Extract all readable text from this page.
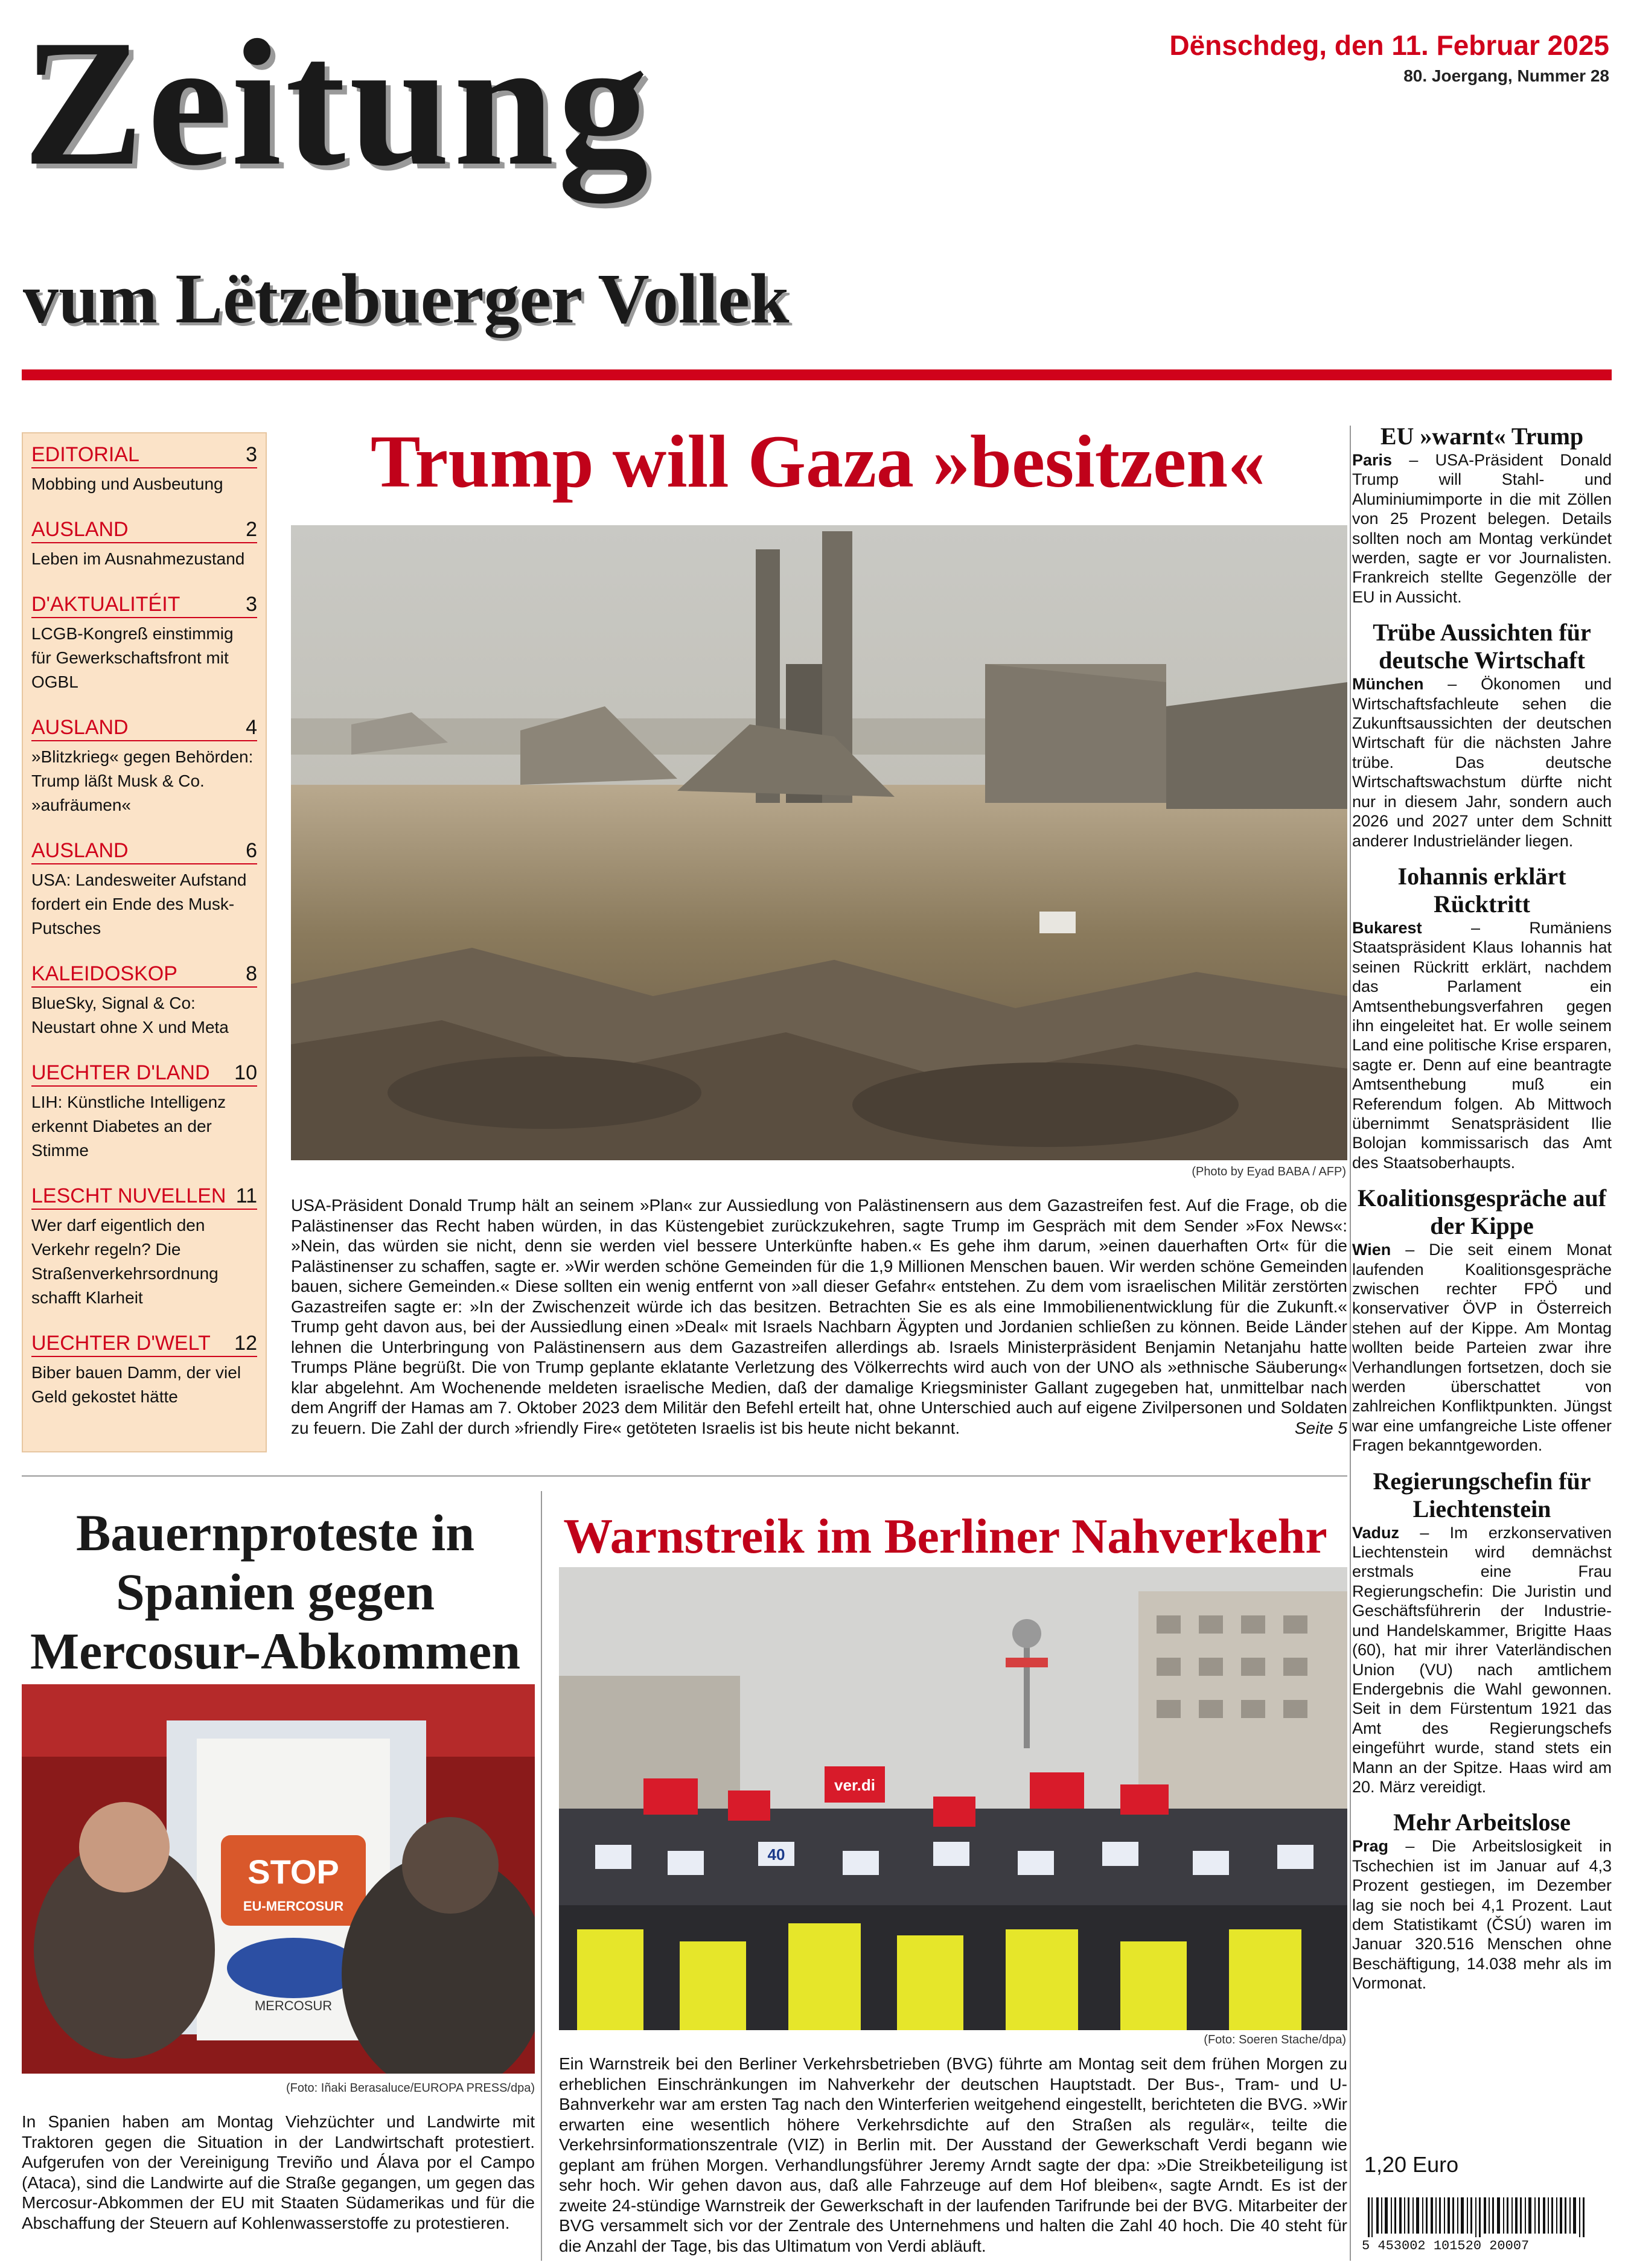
Zeitung
vum Lëtzebuerger Vollek
Dënschdeg, den 11. Februar 2025
80. Joergang, Nummer 28
EDITORIAL	3
Mobbing und Ausbeutung
AUSLAND	2
Leben im Ausnahmezustand
D'AKTUALITÉIT	3
LCGB-Kongreß einstimmig für Gewerkschaftsfront mit OGBL
AUSLAND	4
»Blitzkrieg« gegen Behörden: Trump läßt Musk & Co. »aufräumen«
AUSLAND	6
USA: Landesweiter Aufstand fordert ein Ende des Musk-Putsches
KALEIDOSKOP	8
BlueSky, Signal & Co: Neustart ohne X und Meta
UECHTER D'LAND 10
LIH: Künstliche Intelligenz erkennt Diabetes an der Stimme
LESCHT NUVELLEN 11
Wer darf eigentlich den Verkehr regeln? Die Straßenverkehrsordnung schafft Klarheit
UECHTER D'WELT 12
Biber bauen Damm, der viel Geld gekostet hätte
Trump will Gaza »besitzen«
(Photo by Eyad BABA / AFP)
USA-Präsident Donald Trump hält an seinem »Plan« zur Aussiedlung von Palästinensern aus dem Gazastreifen fest. Auf die Frage, ob die Palästinenser das Recht haben würden, in das Küstengebiet zurückzukehren, sagte Trump im Gespräch mit dem Sender »Fox News«: »Nein, das würden sie nicht, denn sie werden viel bessere Unterkünfte haben.« Es gehe ihm darum, »einen dauerhaften Ort« für die Palästinenser zu schaffen, sagte er. »Wir werden schöne Gemeinden für die 1,9 Millionen Menschen bauen. Wir werden schöne Gemeinden bauen, sichere Gemeinden.« Diese sollten ein wenig entfernt von »all dieser Gefahr« entstehen. Zu dem vom israelischen Militär zerstörten Gazastreifen sagte er: »In der Zwischenzeit würde ich das besitzen. Betrachten Sie es als eine Immobilienentwicklung für die Zukunft.« Trump geht davon aus, bei der Aussiedlung einen »Deal« mit Israels Nachbarn Ägypten und Jordanien schließen zu können. Beide Länder lehnen die Unterbringung von Palästinensern aus dem Gazastreifen allerdings ab. Israels Ministerpräsident Benjamin Netanjahu hatte Trumps Pläne begrüßt. Die von Trump geplante eklatante Verletzung des Völkerrechts wird auch von der UNO als »ethnische Säuberung« klar abgelehnt. Am Wochenende meldeten israelische Medien, daß der damalige Kriegsminister Gallant zugegeben hat, unmittelbar nach dem Angriff der Hamas am 7. Oktober 2023 dem Militär den Befehl erteilt hat, ohne Unterschied auch auf eigene Zivilpersonen und Soldaten zu feuern. Die Zahl der durch »friendly Fire« getöteten Israelis ist bis heute nicht bekannt.	Seite 5
EU »warnt« Trump
Paris – USA-Präsident Donald Trump will Stahl- und Aluminiumimporte in die mit Zöllen von 25 Prozent belegen. Details sollten noch am Montag verkündet werden, sagte er vor Journalisten. Frankreich stellte Gegenzölle der EU in Aussicht.
Trübe Aussichten für deutsche Wirtschaft
München – Ökonomen und Wirtschaftsfachleute sehen die Zukunftsaussichten der deutschen Wirtschaft für die nächsten Jahre trübe. Das deutsche Wirtschaftswachstum dürfte nicht nur in diesem Jahr, sondern auch 2026 und 2027 unter dem Schnitt anderer Industrieländer liegen.
Iohannis erklärt Rücktritt
Bukarest	– Rumäniens Staatspräsident Klaus Iohannis hat seinen Rückritt erklärt, nachdem das Parlament ein Amtsenthebungsverfahren gegen ihn eingeleitet hat. Er wolle seinem Land eine politische Krise ersparen, sagte er. Denn auf eine beantragte Amtsenthebung muß ein Referendum folgen. Ab Mittwoch übernimmt Senatspräsident Ilie Bolojan kommissarisch das Amt des Staatsoberhaupts.
Koalitionsgespräche auf der Kippe
Wien – Die seit einem Monat laufenden Koalitionsgespräche zwischen rechter FPÖ und konservativer ÖVP in Österreich stehen auf der Kippe. Am Montag wollten beide Parteien zwar ihre Verhandlungen fortsetzen, doch sie werden überschattet von zahlreichen Konfliktpunkten. Jüngst war eine umfangreiche Liste offener Fragen bekanntgeworden.
Regierungschefin für Liechtenstein
Vaduz – Im erzkonservativen Liechtenstein wird demnächst erstmals eine Frau Regierungschefin: Die Juristin und Geschäftsführerin der Industrie- und Handelskammer, Brigitte Haas (60), hat mir ihrer Vaterländischen Union (VU) nach amtlichem Endergebnis die Wahl gewonnen. Seit in dem Fürstentum 1921 das Amt des Regierungschefs eingeführt wurde, stand stets ein Mann an der Spitze. Haas wird am 20. März vereidigt.
Mehr Arbeitslose
Prag – Die Arbeitslosigkeit in Tschechien ist im Januar auf 4,3 Prozent gestiegen, im Dezember lag sie noch bei 4,1 Prozent. Laut dem Statistikamt (ČSÚ) waren im Januar 320.516 Menschen ohne Beschäftigung, 14.038 mehr als im Vormonat.
1,20 Euro
5 453002 101520 20007
Bauernproteste in Spanien gegen Mercosur-Abkommen
STOP
EU-MERCOSUR
MERCOSUR
(Foto: Iñaki Berasaluce/EUROPA PRESS/dpa)
In Spanien haben am Montag Viehzüchter und Landwirte mit Traktoren gegen die Situation in der Landwirtschaft protestiert. Aufgerufen von der Vereinigung Treviño und Álava por el Campo (Ataca), sind die Landwirte auf die Straße gegangen, um gegen das Mercosur-Abkommen der EU mit Staaten Südamerikas und für die Abschaffung der Steuern auf Kohlenwasserstoffe zu protestieren.
Warnstreik im Berliner Nahverkehr
ver.di
40
(Foto: Soeren Stache/dpa)
Ein Warnstreik bei den Berliner Verkehrsbetrieben (BVG) führte am Montag seit dem frühen Morgen zu erheblichen Einschränkungen im Nahverkehr der deutschen Hauptstadt. Der Bus-, Tram- und U-Bahnverkehr war am ersten Tag nach den Winterferien weitgehend eingestellt, berichteten die BVG. »Wir erwarten eine wesentlich höhere Verkehrsdichte auf den Straßen als regulär«, teilte die Verkehrsinformationszentrale (VIZ) in Berlin mit. Der Ausstand der Gewerkschaft Verdi begann wie geplant am frühen Morgen. Verhandlungsführer Jeremy Arndt sagte der dpa: »Die Streikbeteiligung ist sehr hoch. Wir gehen davon aus, daß alle Fahrzeuge auf dem Hof bleiben«, sagte Arndt. Es ist der zweite 24-stündige Warnstreik der Gewerkschaft in der laufenden Tarifrunde bei der BVG. Mitarbeiter der BVG versammelt sich vor der Zentrale des Unternehmens und halten die Zahl 40 hoch. Die 40 steht für die Anzahl der Tage, bis das Ultimatum von Verdi abläuft.
